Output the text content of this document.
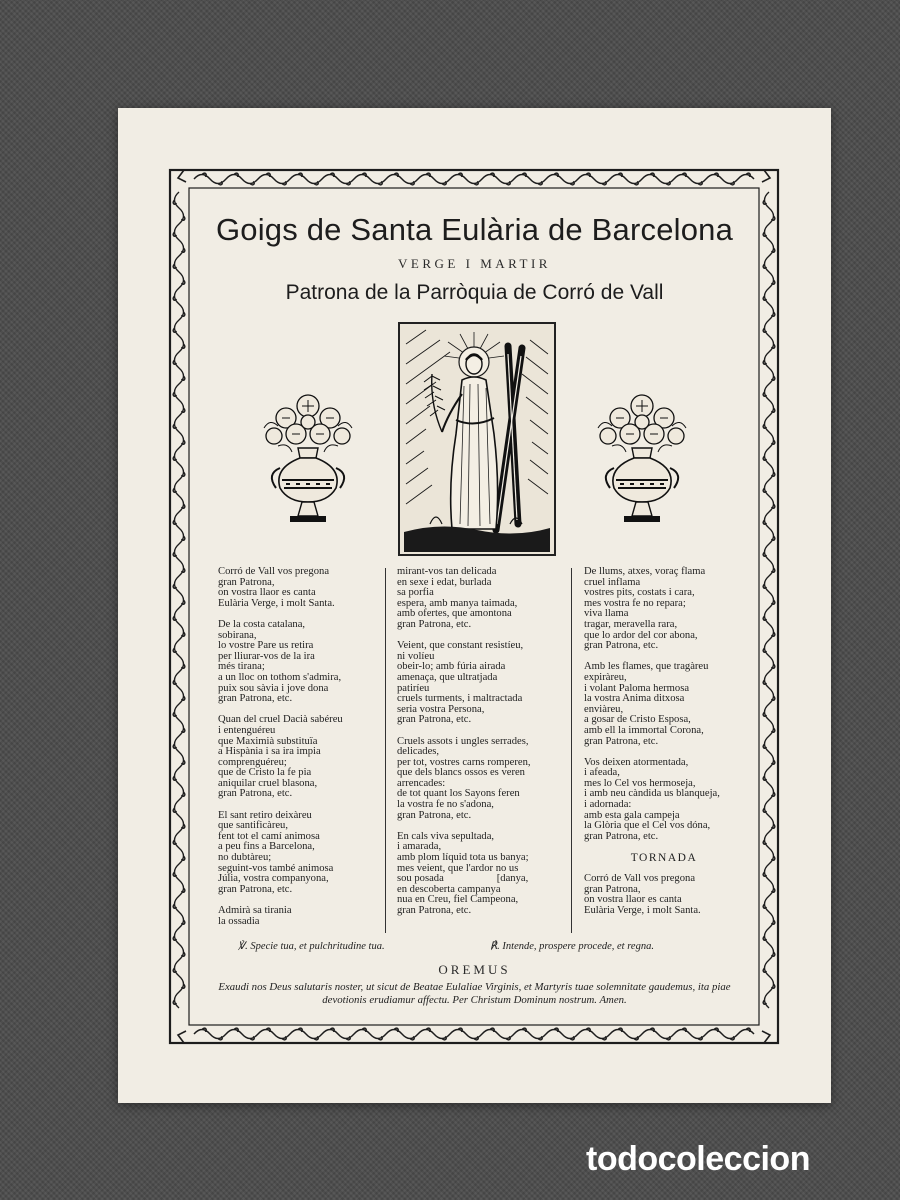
Goigs de Santa Eulària de Barcelona
VERGE I MARTIR
Patrona de la Parròquia de Corró de Vall
Corró de Vall vos pregona
gran Patrona,
on vostra llaor es canta
Eulària Verge, i molt Santa.
De la costa catalana,
sobirana,
lo vostre Pare us retira
per lliurar-vos de la ira
més tirana;
a un lloc on tothom s'admira,
puix sou sàvia i jove dona
gran Patrona, etc.
Quan del cruel Dacià sabéreu
i entenguéreu
que Maximià substituïa
a Hispània i sa ira impia
comprenguéreu;
que de Cristo la fe pia
aniquilar cruel blasona,
gran Patrona, etc.
El sant retiro deixàreu
que santificàreu,
fent tot el camí animosa
a peu fins a Barcelona,
no dubtàreu;
seguint-vos també animosa
Júlia, vostra companyona,
gran Patrona, etc.
Admirà sa tirania
la ossadia
mirant-vos tan delicada
en sexe i edat, burlada
sa porfia
espera, amb manya taimada,
amb ofertes, que amontona
gran Patrona, etc.
Veient, que constant resistíeu,
ni volíeu
obeir-lo; amb fúria airada
amenaça, que ultratjada
patiríeu
cruels turments, i maltractada
seria vostra Persona,
gran Patrona, etc.
Cruels assots i ungles serrades,
delicades,
per tot, vostres carns romperen,
que dels blancs ossos es veren
arrencades:
de tot quant los Sayons feren
la vostra fe no s'adona,
gran Patrona, etc.
En cals viva sepultada,
i amarada,
amb plom líquid tota us banya;
mes veient, que l'ardor no us
sou posada                    [danya,
en descoberta campanya
nua en Creu, fiel Campeona,
gran Patrona, etc.
De llums, atxes, voraç flama
cruel inflama
vostres pits, costats i cara,
mes vostra fe no repara;
viva llama
tragar, meravella rara,
que lo ardor del cor abona,
gran Patrona, etc.
Amb les flames, que tragàreu
expiràreu,
i volant Paloma hermosa
la vostra Anima ditxosa
enviàreu,
a gosar de Cristo Esposa,
amb ell la immortal Corona,
gran Patrona, etc.
Vos deixen atormentada,
i afeada,
mes lo Cel vos hermoseja,
i amb neu càndida us blanqueja,
i adornada:
amb esta gala campeja
la Glòria que el Cel vos dóna,
gran Patrona, etc.
TORNADA
Corró de Vall vos pregona
gran Patrona,
on vostra llaor es canta
Eulària Verge, i molt Santa.
℣. Specie tua, et pulchritudine tua.	℟. Intende, prospere procede, et regna.
OREMUS
Exaudi nos Deus salutaris noster, ut sicut de Beatae Eulaliae Virginis, et Martyris tuae solemnitate gaudemus, ita piae devotionis erudiamur affectu. Per Christum Dominum nostrum. Amen.
todocoleccion
